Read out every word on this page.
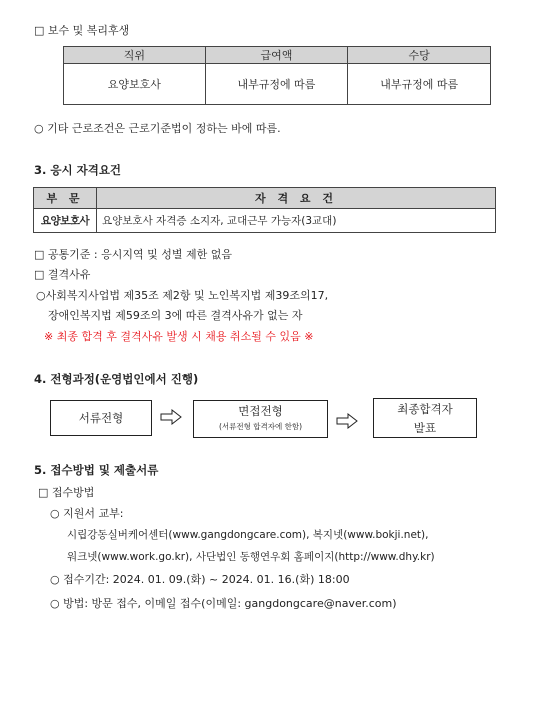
□ 보수 및 복리후생
직위	급여액	수당
요양보호사	내부규정에 따름	내부규정에 따름
○ 기타 근로조건은 근로기준법이 정하는 바에 따름.
3. 응시 자격요건
부 문	자 격 요 건
요양보호사	요양보호사 자격증 소지자, 교대근무 가능자(3교대)
□ 공통기준 : 응시지역 및 성별 제한 없음
□ 결격사유
○사회복지사업법 제35조 제2항 및 노인복지법 제39조의17,
장애인복지법 제59조의 3에 따른 결격사유가 없는 자
※ 최종 합격 후 결격사유 발생 시 채용 취소될 수 있음 ※
4. 전형과정(운영법인에서 진행)
서류전형	면접전형
(서류전형 합격자에 한함)
최종합격자
발표
5. 접수방법 및 제출서류
□ 접수방법
○ 지원서 교부:
시립강동실버케어센터(www.gangdongcare.com), 복지넷(www.bokji.net),
워크넷(www.work.go.kr), 사단법인 동행연우회 홈페이지(http://www.dhy.kr)
○ 접수기간: 2024. 01. 09.(화) ~ 2024. 01. 16.(화) 18:00
○ 방법: 방문 접수, 이메일 접수(이메일: gangdongcare@naver.com)
